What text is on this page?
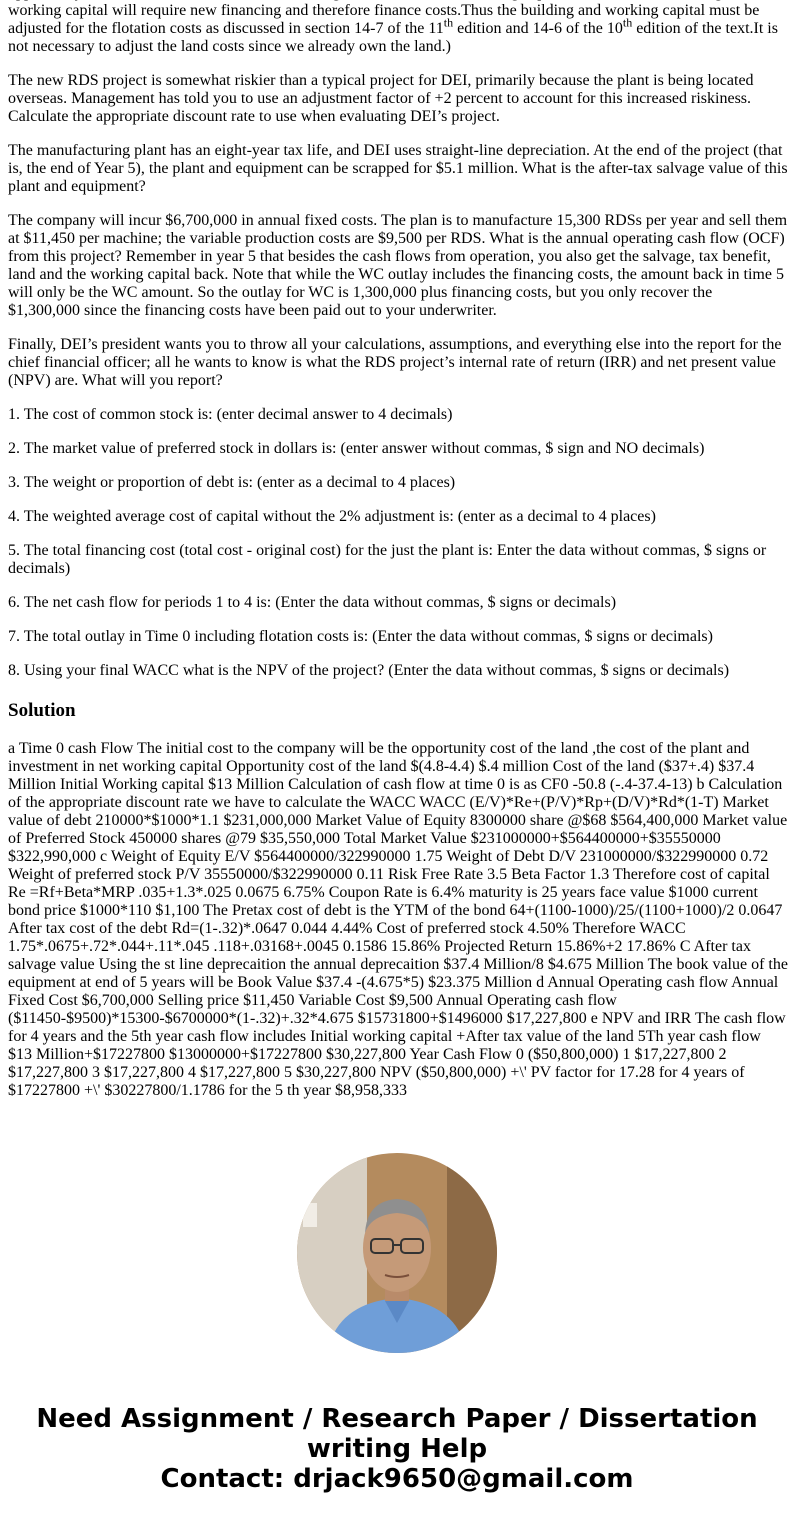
working capital will require new financing and therefore finance costs.Thus the building and working capital must be adjusted for the flotation costs as discussed in section 14-7 of the 11th edition and 14-6 of the 10th edition of the text.It is not necessary to adjust the land costs since we already own the land.)

The new RDS project is somewhat riskier than a typical project for DEI, primarily because the plant is being located overseas. Management has told you to use an adjustment factor of +2 percent to account for this increased riskiness. Calculate the appropriate discount rate to use when evaluating DEI’s project.

The manufacturing plant has an eight-year tax life, and DEI uses straight-line depreciation. At the end of the project (that is, the end of Year 5), the plant and equipment can be scrapped for $5.1 million. What is the after-tax salvage value of this plant and equipment?

The company will incur $6,700,000 in annual fixed costs. The plan is to manufacture 15,300 RDSs per year and sell them at $11,450 per machine; the variable production costs are $9,500 per RDS. What is the annual operating cash flow (OCF) from this project? Remember in year 5 that besides the cash flows from operation, you also get the salvage, tax benefit, land and the working capital back. Note that while the WC outlay includes the financing costs, the amount back in time 5 will only be the WC amount. So the outlay for WC is 1,300,000 plus financing costs, but you only recover the $1,300,000 since the financing costs have been paid out to your underwriter.

Finally, DEI’s president wants you to throw all your calculations, assumptions, and everything else into the report for the chief financial officer; all he wants to know is what the RDS project’s internal rate of return (IRR) and net present value (NPV) are. What will you report?

1. The cost of common stock is: (enter decimal answer to 4 decimals)

2. The market value of preferred stock in dollars is: (enter answer without commas, $ sign and NO decimals)

3. The weight or proportion of debt is: (enter as a decimal to 4 places)

4. The weighted average cost of capital without the 2% adjustment is: (enter as a decimal to 4 places)

5. The total financing cost (total cost - original cost) for the just the plant is: Enter the data without commas, $ signs or decimals)

6. The net cash flow for periods 1 to 4 is: (Enter the data without commas, $ signs or decimals)

7. The total outlay in Time 0 including flotation costs is: (Enter the data without commas, $ signs or decimals)

8. Using your final WACC what is the NPV of the project? (Enter the data without commas, $ signs or decimals)

Solution

a Time 0 cash Flow The initial cost to the company will be the opportunity cost of the land ,the cost of the plant and investment in net working capital Opportunity cost of the land $(4.8-4.4) $.4 million Cost of the land ($37+.4) $37.4 Million Initial Working capital $13 Million Calculation of cash flow at time 0 is as CF0 -50.8 (-.4-37.4-13) b Calculation of the appropriate discount rate we have to calculate the WACC WACC (E/V)*Re+(P/V)*Rp+(D/V)*Rd*(1-T) Market value of debt 210000*$1000*1.1 $231,000,000 Market Value of Equity 8300000 share @$68 $564,400,000 Market value of Preferred Stock 450000 shares @79 $35,550,000 Total Market Value $231000000+$564400000+$35550000 $322,990,000 c Weight of Equity E/V $564400000/322990000 1.75 Weight of Debt D/V 231000000/$322990000 0.72 Weight of preferred stock P/V 35550000/$322990000 0.11 Risk Free Rate 3.5 Beta Factor 1.3 Therefore cost of capital Re =Rf+Beta*MRP .035+1.3*.025 0.0675 6.75% Coupon Rate is 6.4% maturity is 25 years face value $1000 current bond price $1000*110 $1,100 The Pretax cost of debt is the YTM of the bond 64+(1100-1000)/25/(1100+1000)/2 0.0647 After tax cost of the debt Rd=(1-.32)*.0647 0.044 4.44% Cost of preferred stock 4.50% Therefore WACC 1.75*.0675+.72*.044+.11*.045 .118+.03168+.0045 0.1586 15.86% Projected Return 15.86%+2 17.86% C After tax salvage value Using the st line deprecaition the annual deprecaition $37.4 Million/8 $4.675 Million The book value of the equipment at end of 5 years will be Book Value $37.4 -(4.675*5) $23.375 Million d Annual Operating cash flow Annual Fixed Cost $6,700,000 Selling price $11,450 Variable Cost $9,500 Annual Operating cash flow ($11450-$9500)*15300-$6700000*(1-.32)+.32*4.675 $15731800+$1496000 $17,227,800 e NPV and IRR The cash flow for 4 years and the 5th year cash flow includes Initial working capital +After tax value of the land 5Th year cash flow $13 Million+$17227800 $13000000+$17227800 $30,227,800 Year Cash Flow 0 ($50,800,000) 1 $17,227,800 2 $17,227,800 3 $17,227,800 4 $17,227,800 5 $30,227,800 NPV ($50,800,000) +\' PV factor for 17.28 for 4 years of $17227800 +\' $30227800/1.1786 for the 5 th year $8,958,333

Need Assignment / Research Paper / Dissertation
writing Help
Contact: drjack9650@gmail.com
